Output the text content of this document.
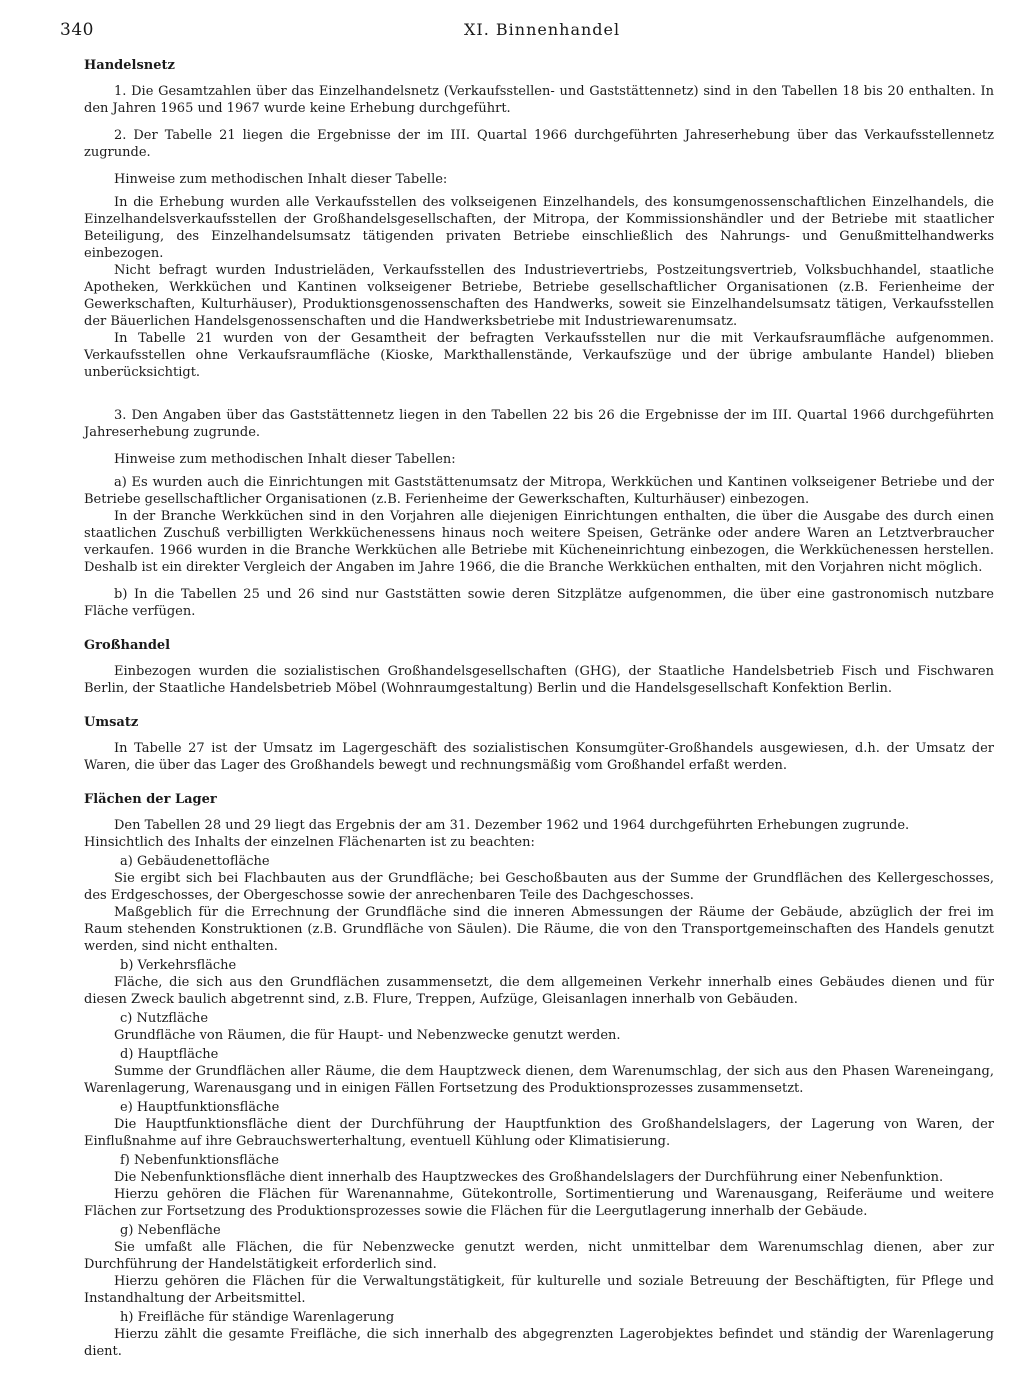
340	XI. Binnenhandel
Handelsnetz

1. Die Gesamtzahlen über das Einzelhandelsnetz (Verkaufsstellen- und Gaststättennetz) sind in den Tabellen 18 bis 20 enthalten. In den Jahren 1965 und 1967 wurde keine Erhebung durchgeführt.

2. Der Tabelle 21 liegen die Ergebnisse der im III. Quartal 1966 durchgeführten Jahreserhebung über das Verkaufsstellennetz zugrunde.

Hinweise zum methodischen Inhalt dieser Tabelle:

In die Erhebung wurden alle Verkaufsstellen des volkseigenen Einzelhandels, des konsumgenossenschaftlichen Einzelhandels, die Einzelhandelsverkaufsstellen der Großhandelsgesellschaften, der Mitropa, der Kommissionshändler und der Betriebe mit staatlicher Beteiligung, des Einzelhandelsumsatz tätigenden privaten Betriebe einschließlich des Nahrungs- und Genußmittelhandwerks einbezogen.

Nicht befragt wurden Industrieläden, Verkaufsstellen des Industrievertriebs, Postzeitungsvertrieb, Volksbuchhandel, staatliche Apotheken, Werkküchen und Kantinen volkseigener Betriebe, Betriebe gesellschaftlicher Organisationen (z.B. Ferienheime der Gewerkschaften, Kulturhäuser), Produktionsgenossenschaften des Handwerks, soweit sie Einzelhandelsumsatz tätigen, Verkaufsstellen der Bäuerlichen Handelsgenossenschaften und die Handwerksbetriebe mit Industriewarenumsatz.

In Tabelle 21 wurden von der Gesamtheit der befragten Verkaufsstellen nur die mit Verkaufsraumfläche aufgenommen. Verkaufsstellen ohne Verkaufsraumfläche (Kioske, Markthallenstände, Verkaufszüge und der übrige ambulante Handel) blieben unberücksichtigt.

3. Den Angaben über das Gaststättennetz liegen in den Tabellen 22 bis 26 die Ergebnisse der im III. Quartal 1966 durchgeführten Jahreserhebung zugrunde.

Hinweise zum methodischen Inhalt dieser Tabellen:

a) Es wurden auch die Einrichtungen mit Gaststättenumsatz der Mitropa, Werkküchen und Kantinen volkseigener Betriebe und der Betriebe gesellschaftlicher Organisationen (z.B. Ferienheime der Gewerkschaften, Kulturhäuser) einbezogen.

In der Branche Werkküchen sind in den Vorjahren alle diejenigen Einrichtungen enthalten, die über die Ausgabe des durch einen staatlichen Zuschuß verbilligten Werkküchenessens hinaus noch weitere Speisen, Getränke oder andere Waren an Letztverbraucher verkaufen. 1966 wurden in die Branche Werkküchen alle Betriebe mit Kücheneinrichtung einbezogen, die Werkküchenessen herstellen. Deshalb ist ein direkter Vergleich der Angaben im Jahre 1966, die die Branche Werkküchen enthalten, mit den Vorjahren nicht möglich.

b) In die Tabellen 25 und 26 sind nur Gaststätten sowie deren Sitzplätze aufgenommen, die über eine gastronomisch nutzbare Fläche verfügen.

Großhandel

Einbezogen wurden die sozialistischen Großhandelsgesellschaften (GHG), der Staatliche Handelsbetrieb Fisch und Fischwaren Berlin, der Staatliche Handelsbetrieb Möbel (Wohnraumgestaltung) Berlin und die Handelsgesellschaft Konfektion Berlin.

Umsatz

In Tabelle 27 ist der Umsatz im Lagergeschäft des sozialistischen Konsumgüter-Großhandels ausgewiesen, d.h. der Umsatz der Waren, die über das Lager des Großhandels bewegt und rechnungsmäßig vom Großhandel erfaßt werden.

Flächen der Lager

Den Tabellen 28 und 29 liegt das Ergebnis der am 31. Dezember 1962 und 1964 durchgeführten Erhebungen zugrunde.

Hinsichtlich des Inhalts der einzelnen Flächenarten ist zu beachten:

a) Gebäudenettofläche

Sie ergibt sich bei Flachbauten aus der Grundfläche; bei Geschoßbauten aus der Summe der Grundflächen des Kellergeschosses, des Erdgeschosses, der Obergeschosse sowie der anrechenbaren Teile des Dachgeschosses.

Maßgeblich für die Errechnung der Grundfläche sind die inneren Abmessungen der Räume der Gebäude, abzüglich der frei im Raum stehenden Konstruktionen (z.B. Grundfläche von Säulen). Die Räume, die von den Transportgemeinschaften des Handels genutzt werden, sind nicht enthalten.

b) Verkehrsfläche

Fläche, die sich aus den Grundflächen zusammensetzt, die dem allgemeinen Verkehr innerhalb eines Gebäudes dienen und für diesen Zweck baulich abgetrennt sind, z.B. Flure, Treppen, Aufzüge, Gleisanlagen innerhalb von Gebäuden.

c) Nutzfläche

Grundfläche von Räumen, die für Haupt- und Nebenzwecke genutzt werden.

d) Hauptfläche

Summe der Grundflächen aller Räume, die dem Hauptzweck dienen, dem Warenumschlag, der sich aus den Phasen Wareneingang, Warenlagerung, Warenausgang und in einigen Fällen Fortsetzung des Produktionsprozesses zusammensetzt.

e) Hauptfunktionsfläche

Die Hauptfunktionsfläche dient der Durchführung der Hauptfunktion des Großhandelslagers, der Lagerung von Waren, der Einflußnahme auf ihre Gebrauchswerterhaltung, eventuell Kühlung oder Klimatisierung.

f) Nebenfunktionsfläche

Die Nebenfunktionsfläche dient innerhalb des Hauptzweckes des Großhandelslagers der Durchführung einer Nebenfunktion.

Hierzu gehören die Flächen für Warenannahme, Gütekontrolle, Sortimentierung und Warenausgang, Reiferäume und weitere Flächen zur Fortsetzung des Produktionsprozesses sowie die Flächen für die Leergutlagerung innerhalb der Gebäude.

g) Nebenfläche

Sie umfaßt alle Flächen, die für Nebenzwecke genutzt werden, nicht unmittelbar dem Warenumschlag dienen, aber zur Durchführung der Handelstätigkeit erforderlich sind.

Hierzu gehören die Flächen für die Verwaltungstätigkeit, für kulturelle und soziale Betreuung der Beschäftigten, für Pflege und Instandhaltung der Arbeitsmittel.

h) Freifläche für ständige Warenlagerung

Hierzu zählt die gesamte Freifläche, die sich innerhalb des abgegrenzten Lagerobjektes befindet und ständig der Warenlagerung dient.
